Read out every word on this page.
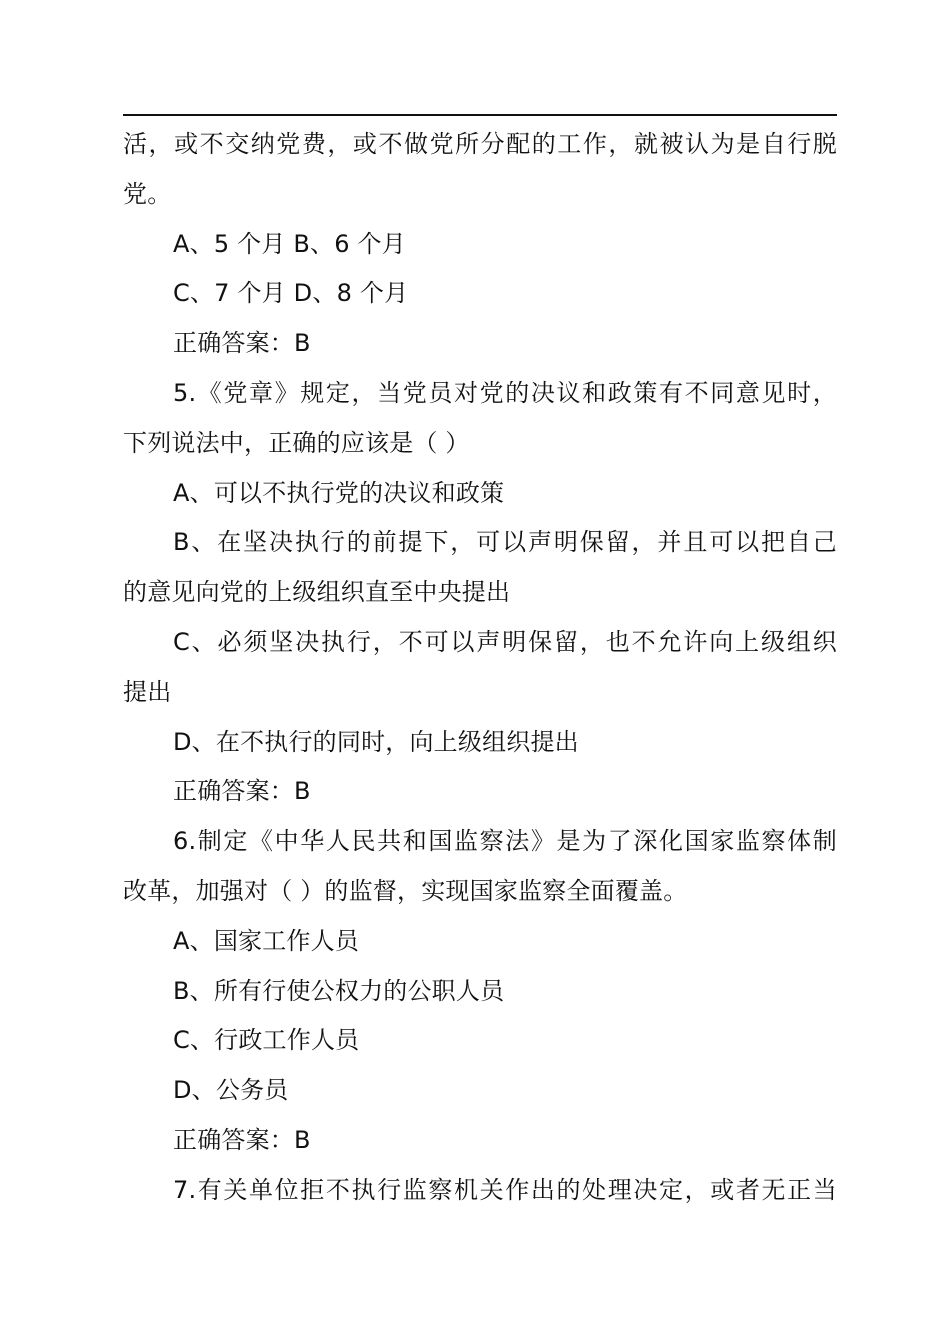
活，或不交纳党费，或不做党所分配的工作，就被认为是自行脱
党。
A、5 个月 B、6 个月
C、7 个月 D、8 个月
正确答案：B
5.《党章》规定，当党员对党的决议和政策有不同意见时，
下列说法中，正确的应该是（ ）
A、可以不执行党的决议和政策
B、在坚决执行的前提下，可以声明保留，并且可以把自己
的意见向党的上级组织直至中央提出
C、必须坚决执行，不可以声明保留，也不允许向上级组织
提出
D、在不执行的同时，向上级组织提出
正确答案：B
6.制定《中华人民共和国监察法》是为了深化国家监察体制
改革，加强对（ ）的监督，实现国家监察全面覆盖。
A、国家工作人员
B、所有行使公权力的公职人员
C、行政工作人员
D、公务员
正确答案：B
7.有关单位拒不执行监察机关作出的处理决定，或者无正当
